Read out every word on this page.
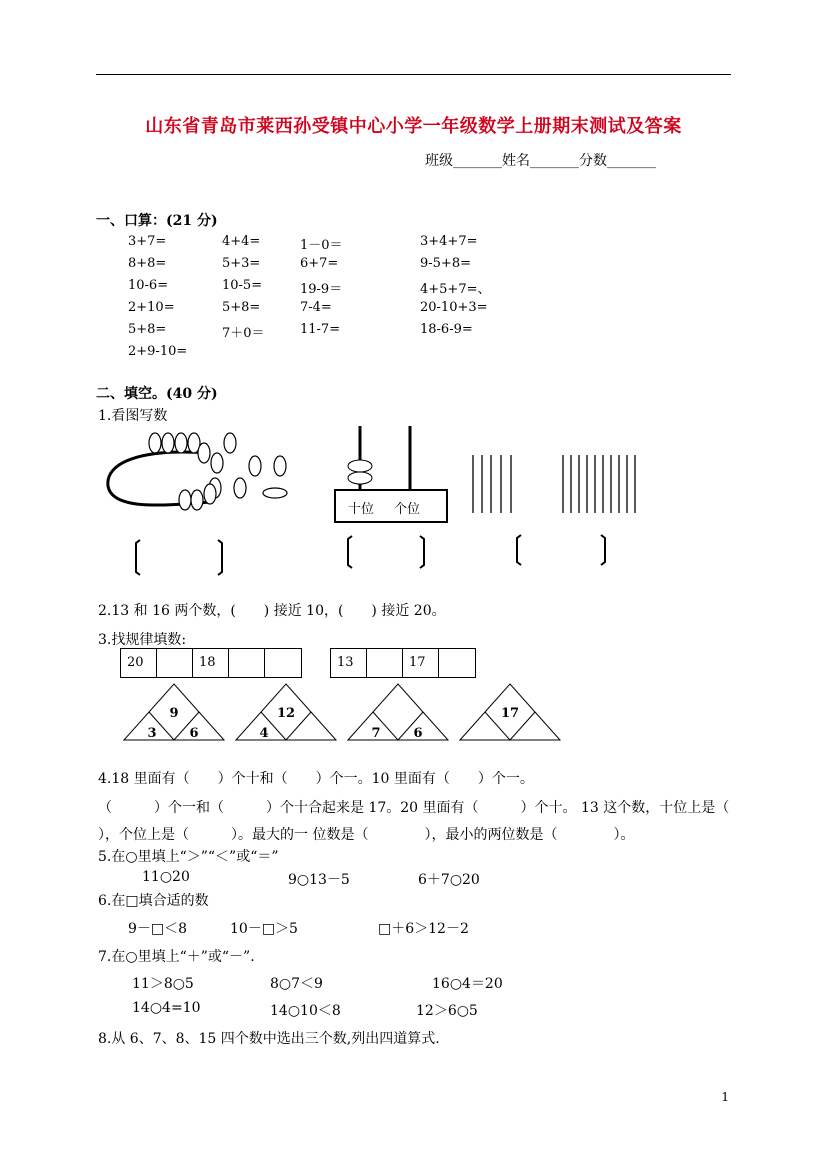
山东省青岛市莱西孙受镇中心小学一年级数学上册期末测试及答案
班级_______姓名_______分数_______
一、口算：(21 分)
3+7=	4+4=	1－0＝	3+4+7=
8+8=	5+3=	6+7=	9-5+8=
10-6=	10-5=	19-9＝	4+5+7=、
2+10=	5+8=	7-4=	20-10+3=
5+8=	7＋0＝	11-7=	18-6-9=
2+9-10=
二、填空。(40 分)
1.看图写数
十位 个位
2.13 和 16 两个数，(　　) 接近 10，(　　) 接近 20。
3.找规律填数:
20	18	13	17
9
3	6
12
4	7	6
17
4.18 里面有（　　）个十和（　　）个一。10 里面有（　　）个一。
（　　　）个一和（　　　）个十合起来是 17。20 里面有（　　　）个十。 13 这个数，十位上是（
），个位上是（　　　）。最大的一 位数是（　　　　），最小的两位数是（　　　　）。
5.在○里填上“＞”“＜”或“＝”
11○20	9○13－5	6＋7○20
6.在□填合适的数
9－□＜8	10－□＞5	□＋6＞12－2
7.在○里填上“＋”或“－”.
11＞8○5	8○7＜9	16○4＝20
14○4=10	14○10＜8	12＞6○5
8.从 6、7、8、15 四个数中选出三个数,列出四道算式.
1
